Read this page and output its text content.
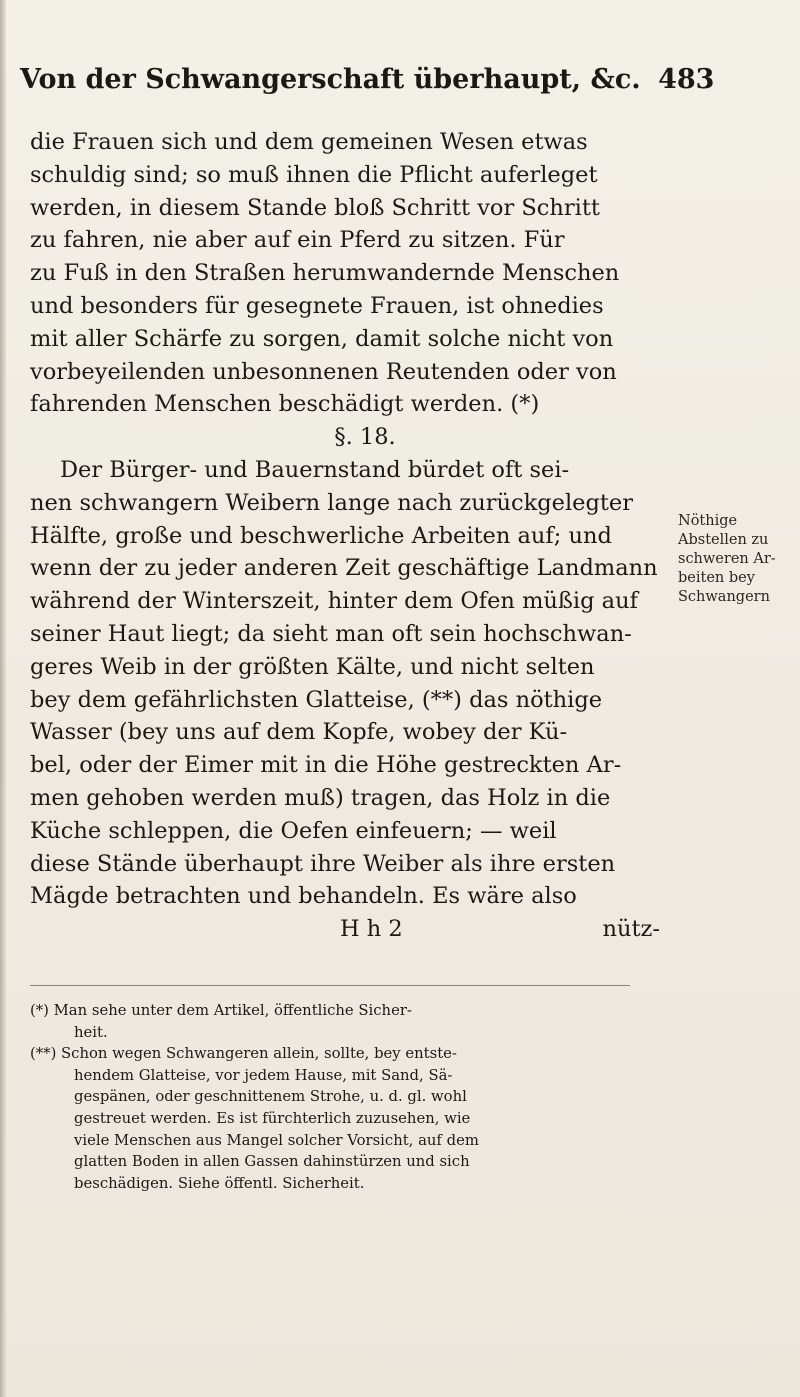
Von der Schwangerschaft überhaupt, &c. 483
die Frauen sich und dem gemeinen Wesen etwas
schuldig sind; so muß ihnen die Pflicht auferleget
werden, in diesem Stande bloß Schritt vor Schritt
zu fahren, nie aber auf ein Pferd zu sitzen. Für
zu Fuß in den Straßen herumwandernde Menschen
und besonders für gesegnete Frauen, ist ohnedies
mit aller Schärfe zu sorgen, damit solche nicht von
vorbeyeilenden unbesonnenen Reutenden oder von
fahrenden Menschen beschädigt werden. (*)
§. 18.
Der Bürger- und Bauernstand bürdet oft sei-
nen schwangern Weibern lange nach zurückgelegter
Hälfte, große und beschwerliche Arbeiten auf; und
wenn der zu jeder anderen Zeit geschäftige Landmann
während der Winterszeit, hinter dem Ofen müßig auf
seiner Haut liegt; da sieht man oft sein hochschwan-
geres Weib in der größten Kälte, und nicht selten
bey dem gefährlichsten Glatteise, (**) das nöthige
Wasser (bey uns auf dem Kopfe, wobey der Kü-
bel, oder der Eimer mit in die Höhe gestreckten Ar-
men gehoben werden muß) tragen, das Holz in die
Küche schleppen, die Oefen einfeuern; — weil
diese Stände überhaupt ihre Weiber als ihre ersten
Mägde betrachten und behandeln. Es wäre also
H h 2	nütz-
Nöthige
Abstellen zu
schweren Ar-
beiten bey
Schwangern
(*) Man sehe unter dem Artikel, öffentliche Sicher-
heit.
(**) Schon wegen Schwangeren allein, sollte, bey entste-
hendem Glatteise, vor jedem Hause, mit Sand, Sä-
gespänen, oder geschnittenem Strohe, u. d. gl. wohl
gestreuet werden. Es ist fürchterlich zuzusehen, wie
viele Menschen aus Mangel solcher Vorsicht, auf dem
glatten Boden in allen Gassen dahinstürzen und sich
beschädigen. Siehe öffentl. Sicherheit.
